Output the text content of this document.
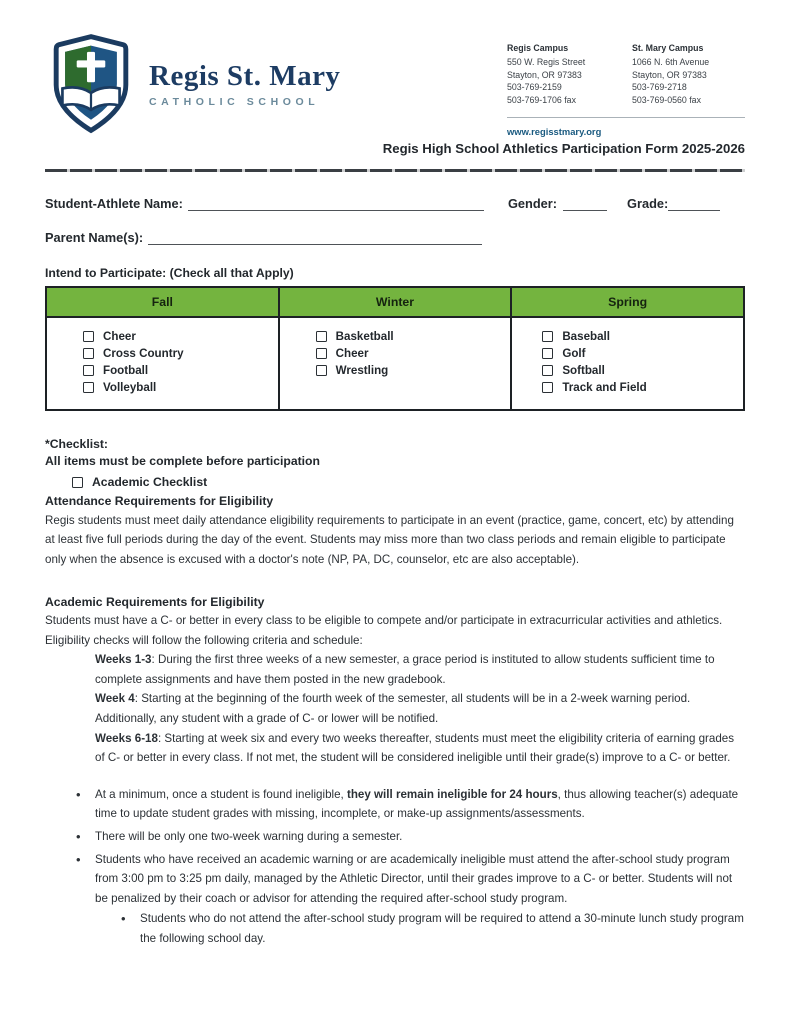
Regis St. Mary
CATHOLIC SCHOOL
Regis Campus
550 W. Regis Street
Stayton, OR 97383
503-769-2159
503-769-1706 fax
St. Mary Campus
1066 N. 6th Avenue
Stayton, OR 97383
503-769-2718
503-769-0560 fax
www.regisstmary.org
Regis High School Athletics Participation Form 2025-2026
Student-Athlete Name:	Gender:	Grade:
Parent Name(s):
Intend to Participate: (Check all that Apply)
Fall	Winter	Spring

Cheer
Cross Country
Football
Volleyball

Basketball
Cheer
Wrestling

Baseball
Golf
Softball
Track and Field
*Checklist:
All items must be complete before participation
Academic Checklist
Attendance Requirements for Eligibility

Regis students must meet daily attendance eligibility requirements to participate in an event (practice, game, concert, etc) by attending at least five full periods during the day of the event. Students may miss more than two class periods and remain eligible to participate only when the absence is excused with a doctor's note (NP, PA, DC, counselor, etc are also acceptable).

Academic Requirements for Eligibility

Students must have a C- or better in every class to be eligible to compete and/or participate in extracurricular activities and athletics. Eligibility checks will follow the following criteria and schedule:

Weeks 1-3: During the first three weeks of a new semester, a grace period is instituted to allow students sufficient time to complete assignments and have them posted in the new gradebook.

Week 4: Starting at the beginning of the fourth week of the semester, all students will be in a 2-week warning period. Additionally, any student with a grade of C- or lower will be notified.

Weeks 6-18: Starting at week six and every two weeks thereafter, students must meet the eligibility criteria of earning grades of C- or better in every class. If not met, the student will be considered ineligible until their grade(s) improve to a C- or better.

• At a minimum, once a student is found ineligible, they will remain ineligible for 24 hours, thus allowing teacher(s) adequate time to update student grades with missing, incomplete, or make-up assignments/assessments.
• There will be only one two-week warning during a semester.
• Students who have received an academic warning or are academically ineligible must attend the after-school study program from 3:00 pm to 3:25 pm daily, managed by the Athletic Director, until their grades improve to a C- or better. Students will not be penalized by their coach or advisor for attending the required after-school study program.
• Students who do not attend the after-school study program will be required to attend a 30-minute lunch study program the following school day.
